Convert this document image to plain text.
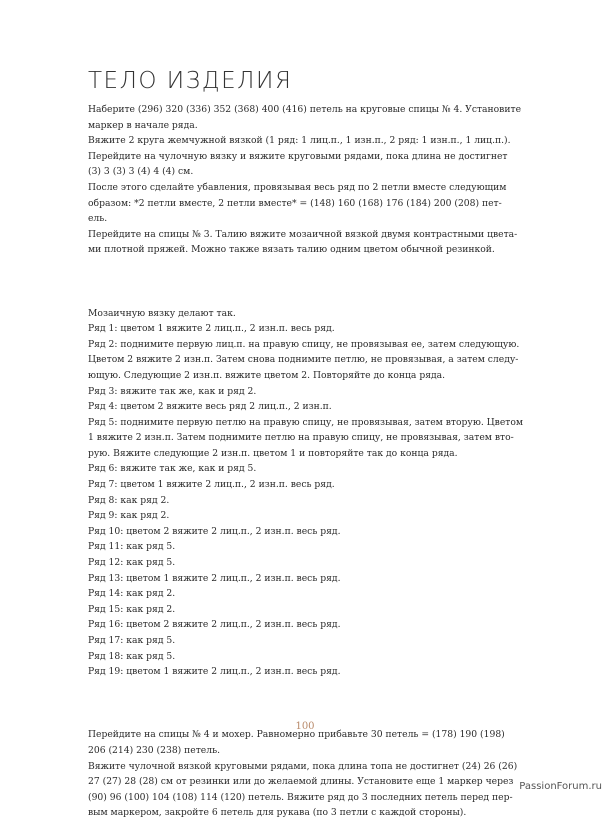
ТЕЛО ИЗДЕЛИЯ

Наберите (296) 320 (336) 352 (368) 400 (416) петель на круговые спицы № 4. Установите

маркер в начале ряда.

Вяжите 2 круга жемчужной вязкой (1 ряд: 1 лиц.п., 1 изн.п., 2 ряд: 1 изн.п., 1 лиц.п.).

Перейдите на чулочную вязку и вяжите круговыми рядами, пока длина не достигнет

(3) 3 (3) 3 (4) 4 (4) см.

После этого сделайте убавления, провязывая весь ряд по 2 петли вместе следующим

образом: *2 петли вместе, 2 петли вместе* = (148) 160 (168) 176 (184) 200 (208) пет-

ель.

Перейдите на спицы № 3. Талию вяжите мозаичной вязкой двумя контрастными цвета-

ми плотной пряжей. Можно также вязать талию одним цветом обычной резинкой.

Мозаичную вязку делают так.

Ряд 1: цветом 1 вяжите 2 лиц.п., 2 изн.п. весь ряд.

Ряд 2: поднимите первую лиц.п. на правую спицу, не провязывая ее, затем следующую.

Цветом 2 вяжите 2 изн.п. Затем снова поднимите петлю, не провязывая, а затем следу-

ющую. Следующие 2 изн.п. вяжите цветом 2. Повторяйте до конца ряда.

Ряд 3: вяжите так же, как и ряд 2.

Ряд 4: цветом 2 вяжите весь ряд 2 лиц.п., 2 изн.п.

Ряд 5: поднимите первую петлю на правую спицу, не провязывая, затем вторую. Цветом

1 вяжите 2 изн.п. Затем поднимите петлю на правую спицу, не провязывая, затем вто-

рую. Вяжите следующие 2 изн.п. цветом 1 и повторяйте так до конца ряда.

Ряд 6: вяжите так же, как и ряд 5.

Ряд 7: цветом 1 вяжите 2 лиц.п., 2 изн.п. весь ряд.

Ряд 8: как ряд 2.

Ряд 9: как ряд 2.

Ряд 10: цветом 2 вяжите 2 лиц.п., 2 изн.п. весь ряд.

Ряд 11: как ряд 5.

Ряд 12: как ряд 5.

Ряд 13: цветом 1 вяжите 2 лиц.п., 2 изн.п. весь ряд.

Ряд 14: как ряд 2.

Ряд 15: как ряд 2.

Ряд 16: цветом 2 вяжите 2 лиц.п., 2 изн.п. весь ряд.

Ряд 17: как ряд 5.

Ряд 18: как ряд 5.

Ряд 19: цветом 1 вяжите 2 лиц.п., 2 изн.п. весь ряд.

Перейдите на спицы № 4 и мохер. Равномерно прибавьте 30 петель = (178) 190 (198)

206 (214) 230 (238) петель.

Вяжите чулочной вязкой круговыми рядами, пока длина топа не достигнет (24) 26 (26)

27 (27) 28 (28) см от резинки или до желаемой длины. Установите еще 1 маркер через

(90) 96 (100) 104 (108) 114 (120) петель. Вяжите ряд до 3 последних петель перед пер-

вым маркером, закройте 6 петель для рукава (по 3 петли с каждой стороны).

100
PassionForum.ru
